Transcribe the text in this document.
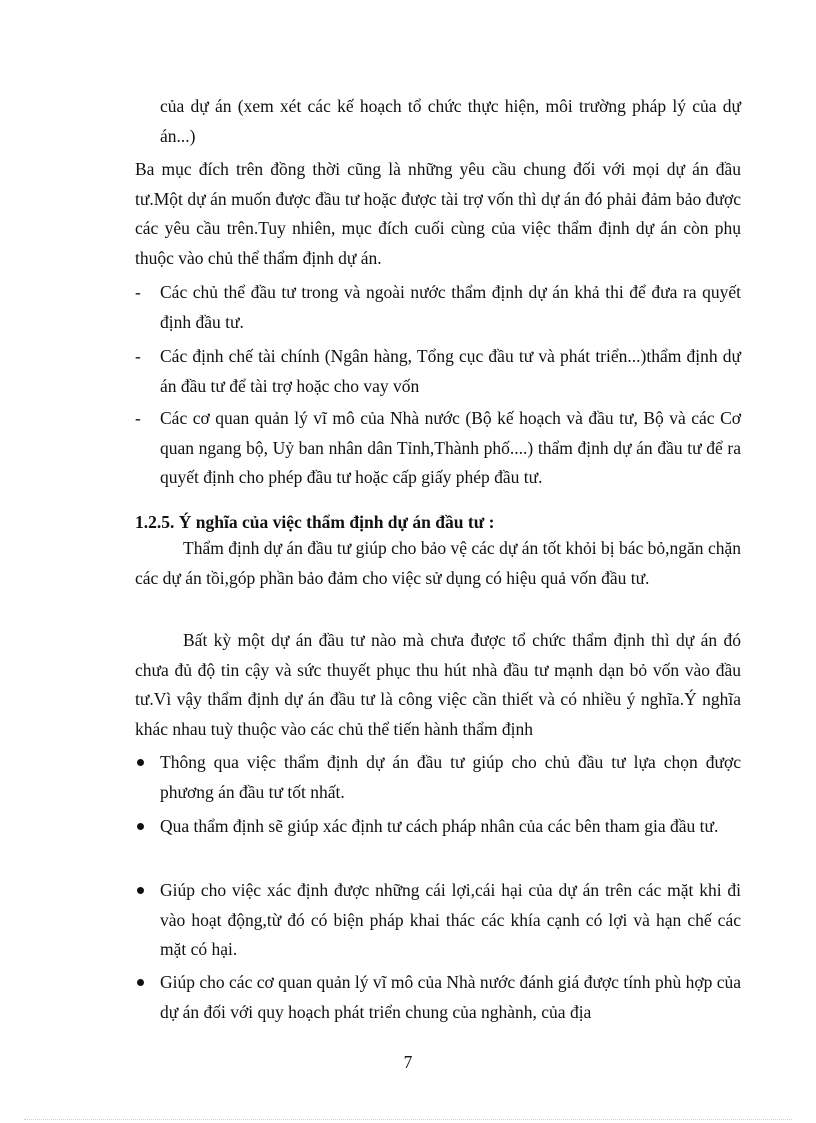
của dự án (xem xét các kế hoạch tổ chức thực hiện, môi trường pháp lý của dự án...)

Ba mục đích trên đồng thời cũng là những yêu cầu chung đối với mọi dự án đầu tư.Một dự án muốn được đầu tư hoặc được tài trợ vốn thì dự án đó phải đảm bảo được các yêu cầu trên.Tuy nhiên, mục đích cuối cùng của việc thẩm định dự án còn phụ thuộc vào chủ thể thẩm định dự án.

-	Các chủ thể đầu tư trong và ngoài nước thẩm định dự án khả thi để đưa ra quyết định đầu tư.
-	Các định chế tài chính (Ngân hàng, Tổng cục đầu tư và phát triển...)thẩm định dự án đầu tư để tài trợ hoặc cho vay vốn
-	Các cơ quan quản lý vĩ mô của Nhà nước (Bộ kế hoạch và đầu tư, Bộ và các Cơ quan ngang bộ, Uỷ ban nhân dân Tỉnh,Thành phố....) thẩm định dự án đầu tư để ra quyết định cho phép đầu tư hoặc cấp giấy phép đầu tư.
1.2.5. Ý nghĩa của việc thẩm định dự án đầu tư :

Thẩm định dự án đầu tư giúp cho bảo vệ các dự án tốt khỏi bị bác bỏ,ngăn chặn các dự án tồi,góp phần bảo đảm cho việc sử dụng có hiệu quả vốn đầu tư.

Bất kỳ một dự án đầu tư nào mà chưa được tổ chức thẩm định thì dự án đó chưa đủ độ tin cậy và sức thuyết phục thu hút nhà đầu tư mạnh dạn bỏ vốn vào đầu tư.Vì vậy thẩm định dự án đầu tư là công việc cần thiết và có nhiều ý nghĩa.Ý nghĩa khác nhau tuỳ thuộc vào các chủ thể tiến hành thẩm định

Thông qua việc thẩm định dự án đầu tư giúp cho chủ đầu tư lựa chọn được phương án đầu tư tốt nhất.
Qua thẩm định sẽ giúp xác định tư cách pháp nhân của các bên tham gia đầu tư.
Giúp cho việc xác định được những cái lợi,cái hại của dự án trên các mặt khi đi vào hoạt động,từ đó có biện pháp khai thác các khía cạnh có lợi và hạn chế các mặt có hại.
Giúp cho các cơ quan quản lý vĩ mô của Nhà nước đánh giá được tính phù hợp của dự án đối với quy hoạch phát triển chung của nghành, của địa
7
